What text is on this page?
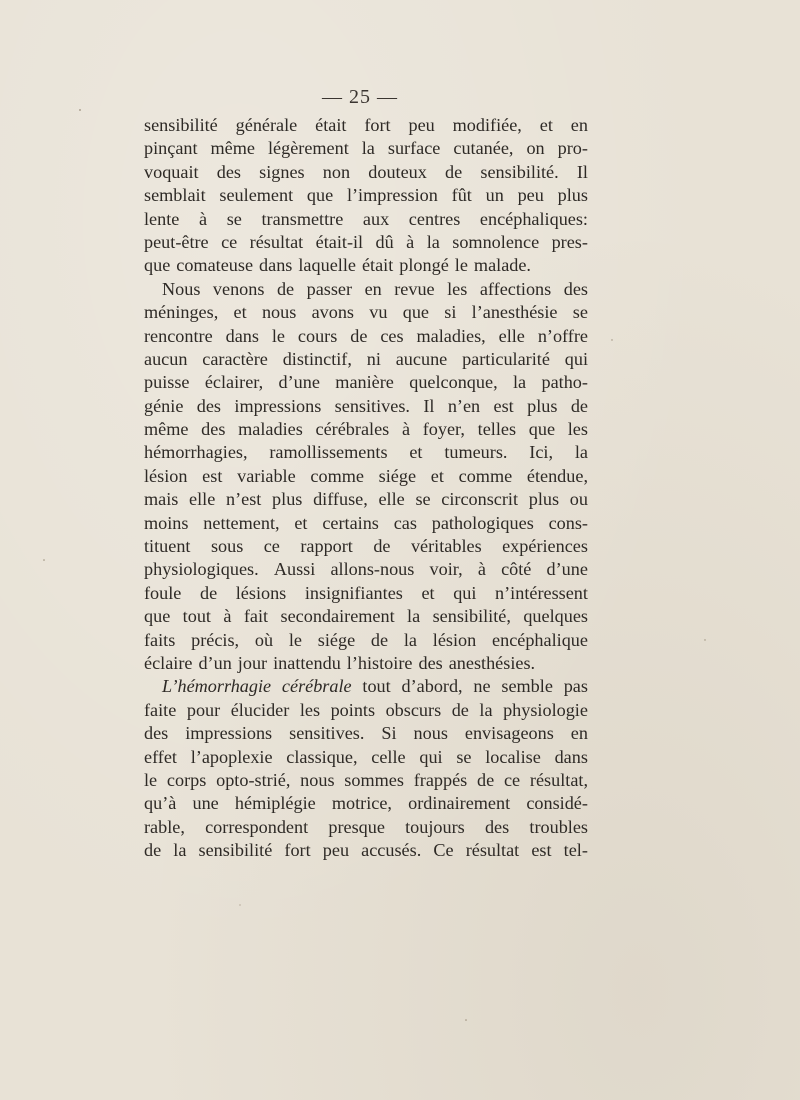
— 25 —
sensibilité générale était fort peu modifiée, et en
pinçant même légèrement la surface cutanée, on pro-
voquait des signes non douteux de sensibilité. Il
semblait seulement que l’impression fût un peu plus
lente à se transmettre aux centres encéphaliques:
peut-être ce résultat était-il dû à la somnolence pres-
que comateuse dans laquelle était plongé le malade.
Nous venons de passer en revue les affections des
méninges, et nous avons vu que si l’anesthésie se
rencontre dans le cours de ces maladies, elle n’offre
aucun caractère distinctif, ni aucune particularité qui
puisse éclairer, d’une manière quelconque, la patho-
génie des impressions sensitives. Il n’en est plus de
même des maladies cérébrales à foyer, telles que les
hémorrhagies, ramollissements et tumeurs. Ici, la
lésion est variable comme siége et comme étendue,
mais elle n’est plus diffuse, elle se circonscrit plus ou
moins nettement, et certains cas pathologiques cons-
tituent sous ce rapport de véritables expériences
physiologiques. Aussi allons-nous voir, à côté d’une
foule de lésions insignifiantes et qui n’intéressent
que tout à fait secondairement la sensibilité, quelques
faits précis, où le siége de la lésion encéphalique
éclaire d’un jour inattendu l’histoire des anesthésies.
L’hémorrhagie cérébrale tout d’abord, ne semble pas
faite pour élucider les points obscurs de la physiologie
des impressions sensitives. Si nous envisageons en
effet l’apoplexie classique, celle qui se localise dans
le corps opto-strié, nous sommes frappés de ce résultat,
qu’à une hémiplégie motrice, ordinairement considé-
rable, correspondent presque toujours des troubles
de la sensibilité fort peu accusés. Ce résultat est tel-
